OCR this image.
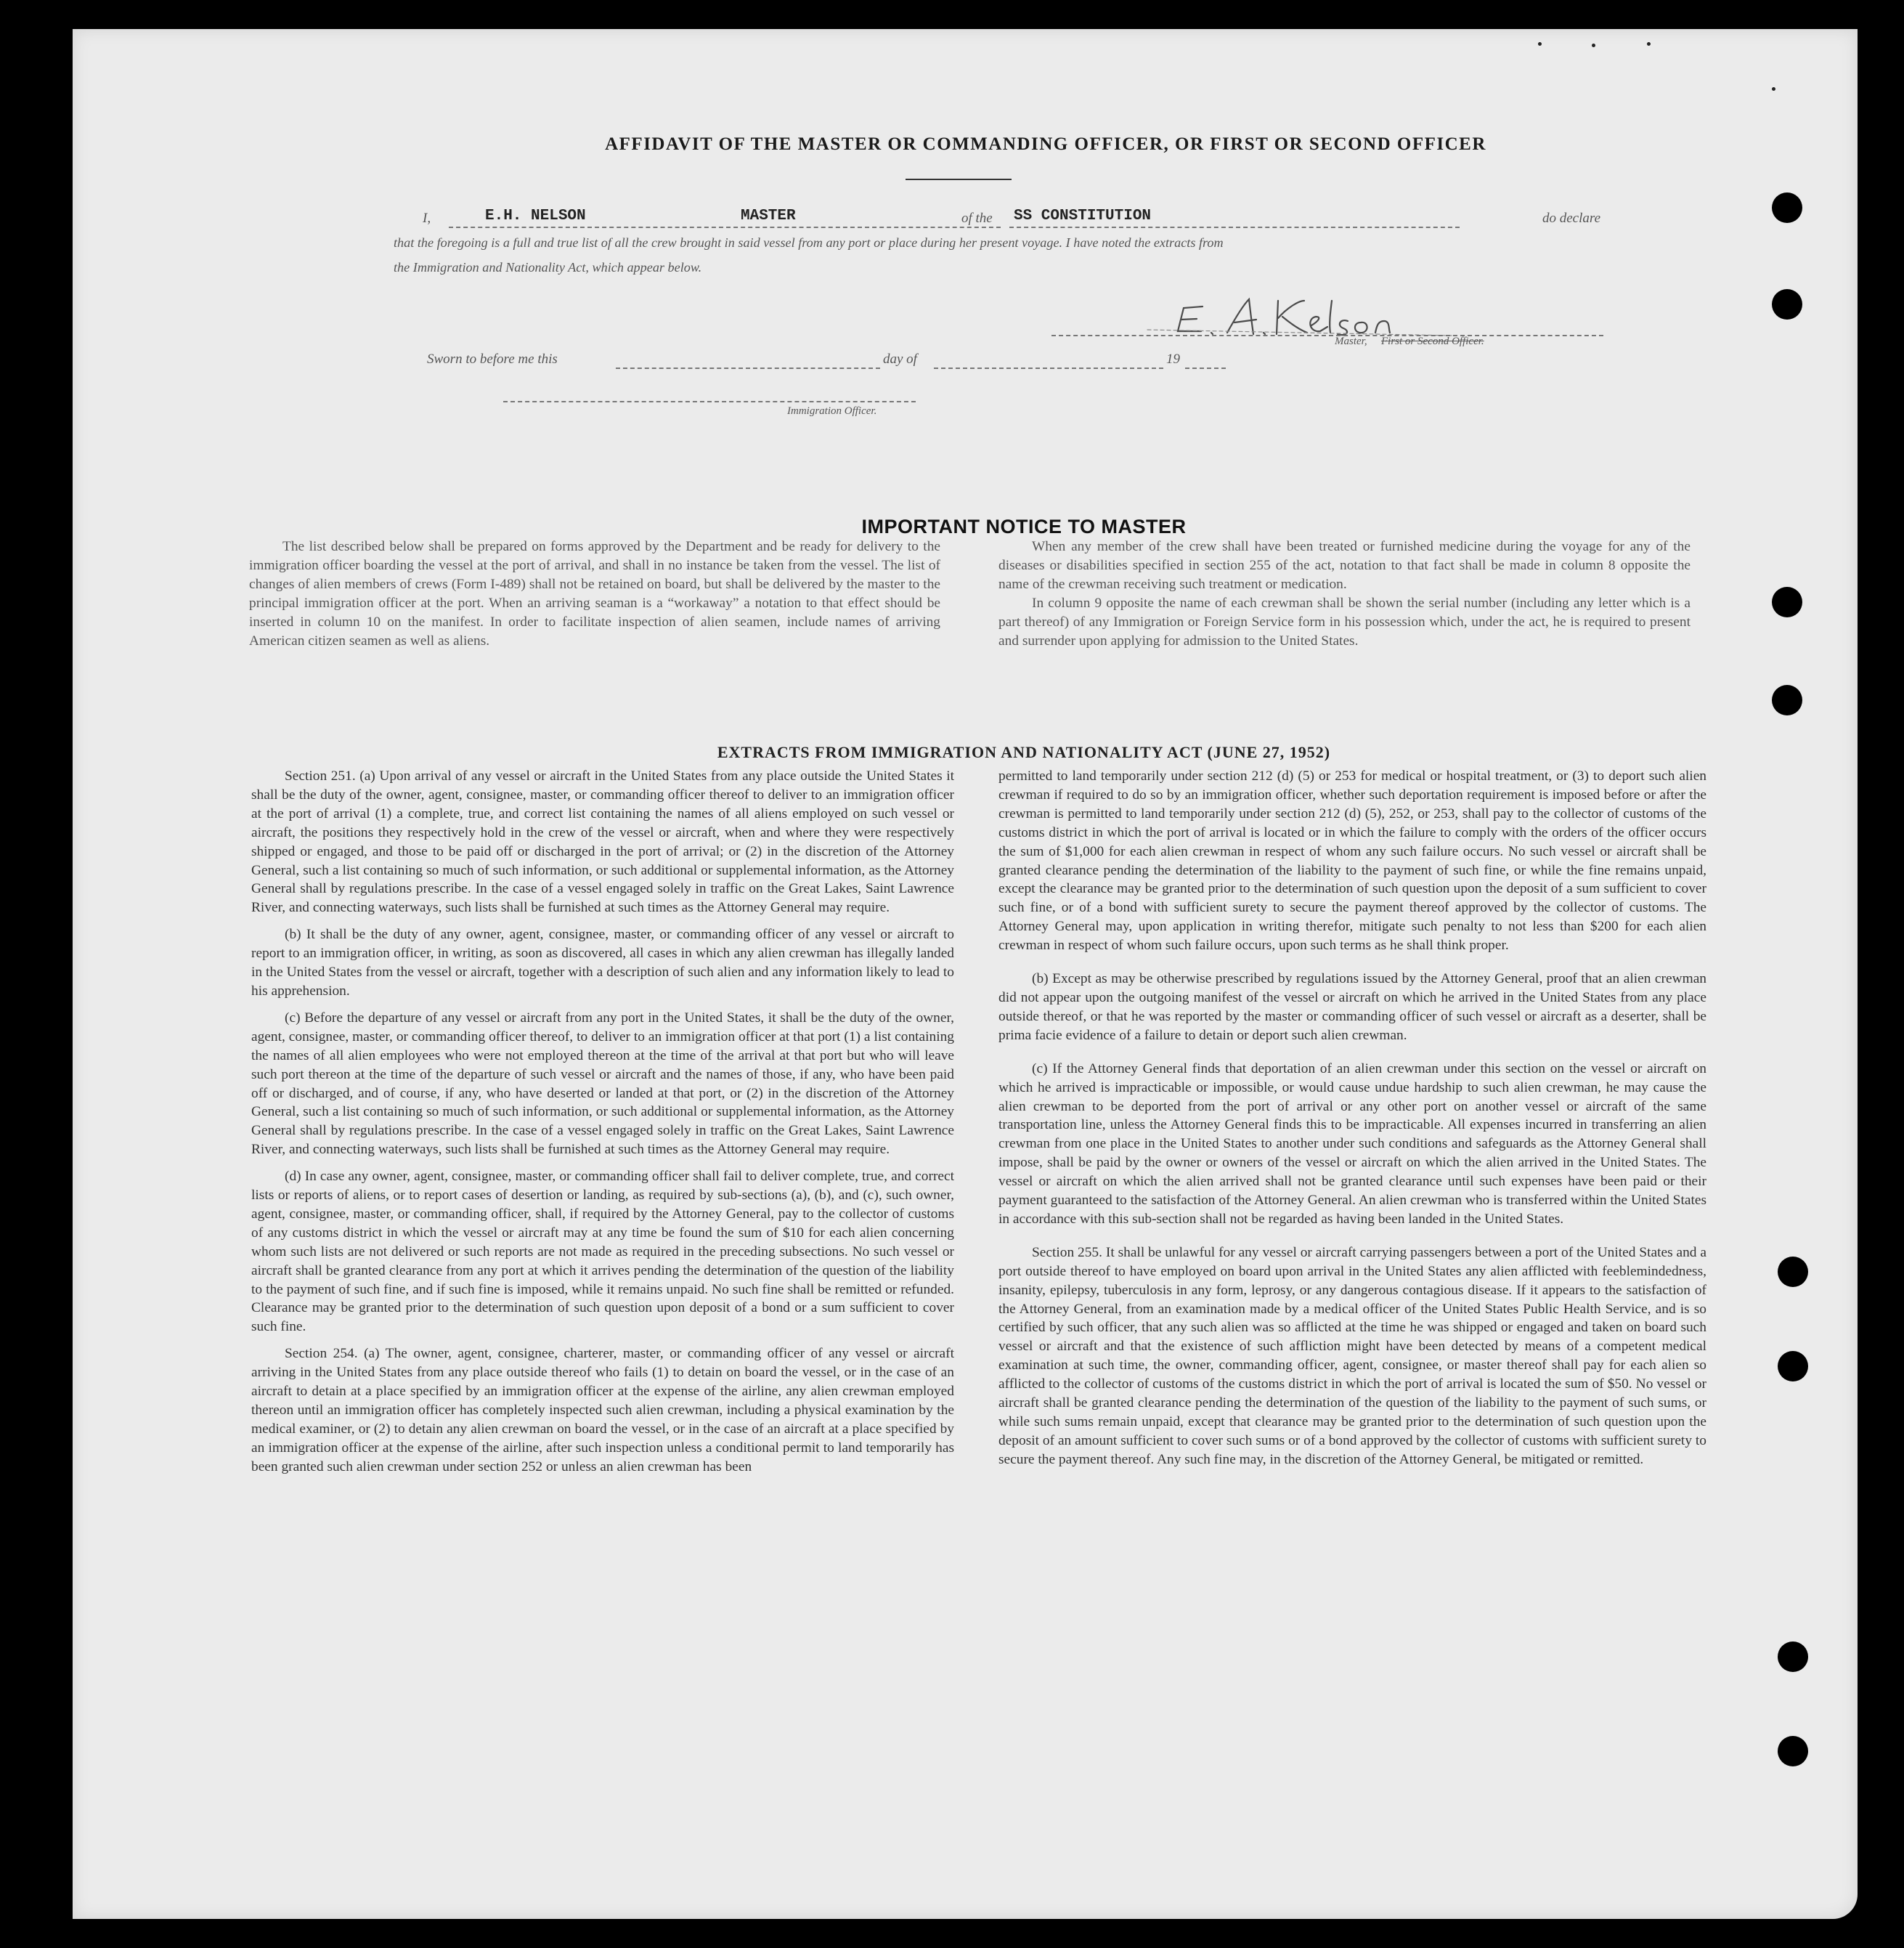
AFFIDAVIT OF THE MASTER OR COMMANDING OFFICER, OR FIRST OR SECOND OFFICER
I,	E.H. NELSON	MASTER	of the SS CONSTITUTION	do declare
that the foregoing is a full and true list of all the crew brought in said vessel from any port or place during her present voyage. I have noted the extracts from
the Immigration and Nationality Act, which appear below.
Master, First or Second Officer.
Sworn to before me this	day of	19
Immigration Officer.
IMPORTANT NOTICE TO MASTER

The list described below shall be prepared on forms approved by the Department and be ready for delivery to the immigration officer boarding the vessel at the port of arrival, and shall in no instance be taken from the vessel. The list of changes of alien members of crews (Form I-489) shall not be retained on board, but shall be delivered by the master to the principal immigration officer at the port. When an arriving seaman is a “workaway” a notation to that effect should be inserted in column 10 on the manifest. In order to facilitate inspection of alien seamen, include names of arriving American citizen seamen as well as aliens.

When any member of the crew shall have been treated or furnished medicine during the voyage for any of the diseases or disabilities specified in section 255 of the act, notation to that fact shall be made in column 8 opposite the name of the crewman receiving such treatment or medication.

In column 9 opposite the name of each crewman shall be shown the serial number (including any letter which is a part thereof) of any Immigration or Foreign Service form in his possession which, under the act, he is required to present and surrender upon applying for admission to the United States.

EXTRACTS FROM IMMIGRATION AND NATIONALITY ACT (JUNE 27, 1952)

Section 251. (a) Upon arrival of any vessel or aircraft in the United States from any place outside the United States it shall be the duty of the owner, agent, consignee, master, or commanding officer thereof to deliver to an immigration officer at the port of arrival (1) a complete, true, and correct list containing the names of all aliens employed on such vessel or aircraft, the positions they respectively hold in the crew of the vessel or aircraft, when and where they were respectively shipped or engaged, and those to be paid off or discharged in the port of arrival; or (2) in the discretion of the Attorney General, such a list containing so much of such information, or such additional or supplemental information, as the Attorney General shall by regulations prescribe. In the case of a vessel engaged solely in traffic on the Great Lakes, Saint Lawrence River, and connecting waterways, such lists shall be furnished at such times as the Attorney General may require.

(b) It shall be the duty of any owner, agent, consignee, master, or commanding officer of any vessel or aircraft to report to an immigration officer, in writing, as soon as discovered, all cases in which any alien crewman has illegally landed in the United States from the vessel or aircraft, together with a description of such alien and any information likely to lead to his apprehension.

(c) Before the departure of any vessel or aircraft from any port in the United States, it shall be the duty of the owner, agent, consignee, master, or commanding officer thereof, to deliver to an immigration officer at that port (1) a list containing the names of all alien employees who were not employed thereon at the time of the arrival at that port but who will leave such port thereon at the time of the departure of such vessel or aircraft and the names of those, if any, who have been paid off or discharged, and of course, if any, who have deserted or landed at that port, or (2) in the discretion of the Attorney General, such a list containing so much of such information, or such additional or supplemental information, as the Attorney General shall by regulations prescribe. In the case of a vessel engaged solely in traffic on the Great Lakes, Saint Lawrence River, and connecting waterways, such lists shall be furnished at such times as the Attorney General may require.

(d) In case any owner, agent, consignee, master, or commanding officer shall fail to deliver complete, true, and correct lists or reports of aliens, or to report cases of desertion or landing, as required by sub-sections (a), (b), and (c), such owner, agent, consignee, master, or commanding officer, shall, if required by the Attorney General, pay to the collector of customs of any customs district in which the vessel or aircraft may at any time be found the sum of $10 for each alien concerning whom such lists are not delivered or such reports are not made as required in the preceding subsections. No such vessel or aircraft shall be granted clearance from any port at which it arrives pending the determination of the question of the liability to the payment of such fine, and if such fine is imposed, while it remains unpaid. No such fine shall be remitted or refunded. Clearance may be granted prior to the determination of such question upon deposit of a bond or a sum sufficient to cover such fine.

Section 254. (a) The owner, agent, consignee, charterer, master, or commanding officer of any vessel or aircraft arriving in the United States from any place outside thereof who fails (1) to detain on board the vessel, or in the case of an aircraft to detain at a place specified by an immigration officer at the expense of the airline, any alien crewman employed thereon until an immigration officer has completely inspected such alien crewman, including a physical examination by the medical examiner, or (2) to detain any alien crewman on board the vessel, or in the case of an aircraft at a place specified by an immigration officer at the expense of the airline, after such inspection unless a conditional permit to land temporarily has been granted such alien crewman under section 252 or unless an alien crewman has been

permitted to land temporarily under section 212 (d) (5) or 253 for medical or hospital treatment, or (3) to deport such alien crewman if required to do so by an immigration officer, whether such deportation requirement is imposed before or after the crewman is permitted to land temporarily under section 212 (d) (5), 252, or 253, shall pay to the collector of customs of the customs district in which the port of arrival is located or in which the failure to comply with the orders of the officer occurs the sum of $1,000 for each alien crewman in respect of whom any such failure occurs. No such vessel or aircraft shall be granted clearance pending the determination of the liability to the payment of such fine, or while the fine remains unpaid, except the clearance may be granted prior to the determination of such question upon the deposit of a sum sufficient to cover such fine, or of a bond with sufficient surety to secure the payment thereof approved by the collector of customs. The Attorney General may, upon application in writing therefor, mitigate such penalty to not less than $200 for each alien crewman in respect of whom such failure occurs, upon such terms as he shall think proper.

(b) Except as may be otherwise prescribed by regulations issued by the Attorney General, proof that an alien crewman did not appear upon the outgoing manifest of the vessel or aircraft on which he arrived in the United States from any place outside thereof, or that he was reported by the master or commanding officer of such vessel or aircraft as a deserter, shall be prima facie evidence of a failure to detain or deport such alien crewman.

(c) If the Attorney General finds that deportation of an alien crewman under this section on the vessel or aircraft on which he arrived is impracticable or impossible, or would cause undue hardship to such alien crewman, he may cause the alien crewman to be deported from the port of arrival or any other port on another vessel or aircraft of the same transportation line, unless the Attorney General finds this to be impracticable. All expenses incurred in transferring an alien crewman from one place in the United States to another under such conditions and safeguards as the Attorney General shall impose, shall be paid by the owner or owners of the vessel or aircraft on which the alien arrived in the United States. The vessel or aircraft on which the alien arrived shall not be granted clearance until such expenses have been paid or their payment guaranteed to the satisfaction of the Attorney General. An alien crewman who is transferred within the United States in accordance with this sub-section shall not be regarded as having been landed in the United States.

Section 255. It shall be unlawful for any vessel or aircraft carrying passengers between a port of the United States and a port outside thereof to have employed on board upon arrival in the United States any alien afflicted with feeblemindedness, insanity, epilepsy, tuberculosis in any form, leprosy, or any dangerous contagious disease. If it appears to the satisfaction of the Attorney General, from an examination made by a medical officer of the United States Public Health Service, and is so certified by such officer, that any such alien was so afflicted at the time he was shipped or engaged and taken on board such vessel or aircraft and that the existence of such affliction might have been detected by means of a competent medical examination at such time, the owner, commanding officer, agent, consignee, or master thereof shall pay for each alien so afflicted to the collector of customs of the customs district in which the port of arrival is located the sum of $50. No vessel or aircraft shall be granted clearance pending the determination of the question of the liability to the payment of such sums, or while such sums remain unpaid, except that clearance may be granted prior to the determination of such question upon the deposit of an amount sufficient to cover such sums or of a bond approved by the collector of customs with sufficient surety to secure the payment thereof. Any such fine may, in the discretion of the Attorney General, be mitigated or remitted.
